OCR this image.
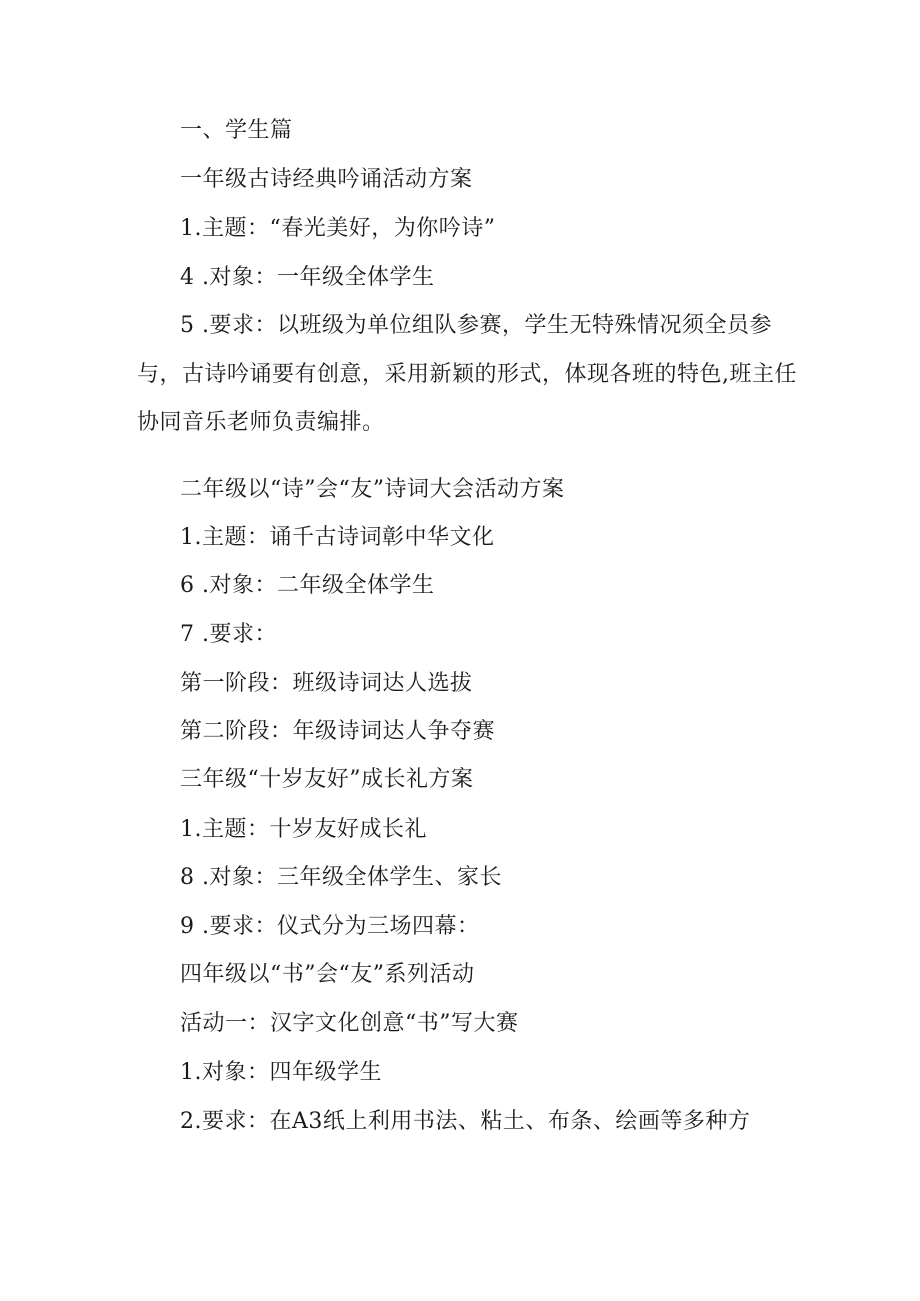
一、学生篇
一年级古诗经典吟诵活动方案
1.主题：“春光美好，为你吟诗”
4 .对象：一年级全体学生
5 .要求：以班级为单位组队参赛，学生无特殊情况须全员参
与，古诗吟诵要有创意，采用新颖的形式，体现各班的特色,班主任
协同音乐老师负责编排。
二年级以“诗”会“友”诗词大会活动方案
1.主题：诵千古诗词彰中华文化
6 .对象：二年级全体学生
7 .要求：
第一阶段：班级诗词达人选拔
第二阶段：年级诗词达人争夺赛
三年级“十岁友好”成长礼方案
1.主题：十岁友好成长礼
8 .对象：三年级全体学生、家长
9 .要求：仪式分为三场四幕：
四年级以“书”会“友”系列活动
活动一：汉字文化创意“书”写大赛
1.对象：四年级学生
2.要求：在A3纸上利用书法、粘土、布条、绘画等多种方
